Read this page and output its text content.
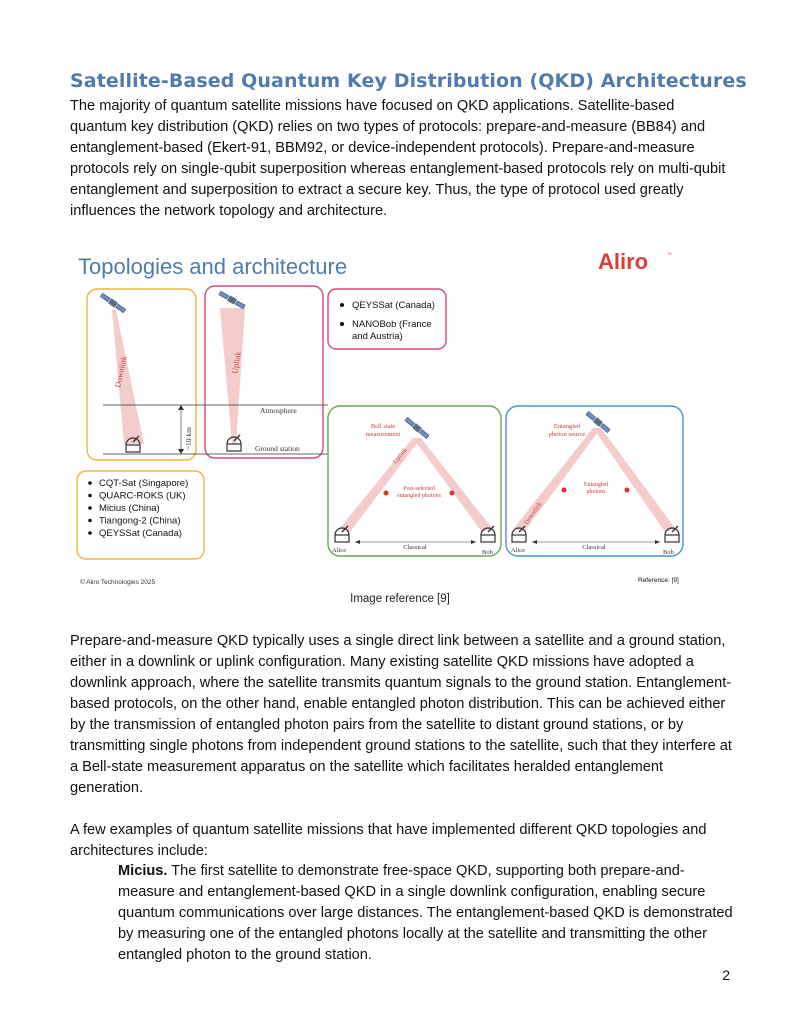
Satellite-Based Quantum Key Distribution (QKD) Architectures

The majority of quantum satellite missions have focused on QKD applications. Satellite-based quantum key distribution (QKD) relies on two types of protocols: prepare-and-measure (BB84) and entanglement-based (Ekert-91, BBM92, or device-independent protocols). Prepare-and-measure protocols rely on single-qubit superposition whereas entanglement-based protocols rely on multi-qubit entanglement and superposition to extract a secure key. Thus, the type of protocol used greatly influences the network topology and architecture.

Topologies and architecture	Aliro	™
Downlink	Uplink
~10 km
Atmosphere
Ground station
QEYSSat (Canada)
NANOBob (France
and Austria)
CQT-Sat (Singapore)
QUARC-ROKS (UK)
Micius (China)
Tiangong-2 (China)
QEYSSat (Canada)
Bell state
measurement
Uplink
Post-selected
entangled photons
Classical
Alice	Bob
Entangled
photon source
Entangled
photons
Downlink
Classical
Alice	Bob
© Aliro Technologies 2025	Reference: [9]
Image reference [9]

Prepare-and-measure QKD typically uses a single direct link between a satellite and a ground station, either in a downlink or uplink configuration. Many existing satellite QKD missions have adopted a downlink approach, where the satellite transmits quantum signals to the ground station. Entanglement-based protocols, on the other hand, enable entangled photon distribution. This can be achieved either by the transmission of entangled photon pairs from the satellite to distant ground stations, or by transmitting single photons from independent ground stations to the satellite, such that they interfere at a Bell-state measurement apparatus on the satellite which facilitates heralded entanglement generation.

A few examples of quantum satellite missions that have implemented different QKD topologies and architectures include:

Micius. The first satellite to demonstrate free-space QKD, supporting both prepare-and-measure and entanglement-based QKD in a single downlink configuration, enabling secure quantum communications over large distances. The entanglement-based QKD is demonstrated by measuring one of the entangled photons locally at the satellite and transmitting the other entangled photon to the ground station.

2
